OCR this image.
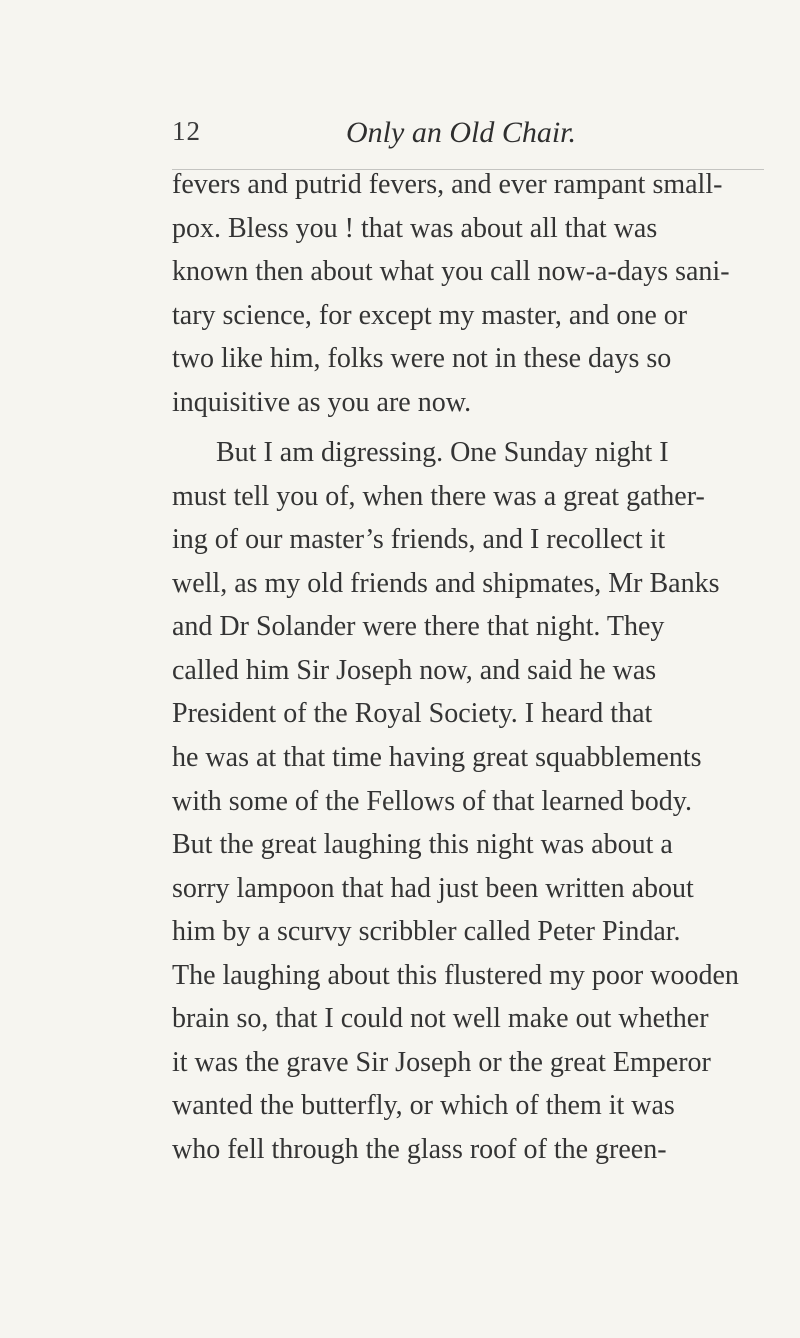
12	Only an Old Chair.
fevers and putrid fevers, and ever rampant small-
pox. Bless you ! that was about all that was
known then about what you call now-a-days sani-
tary science, for except my master, and one or
two like him, folks were not in these days so
inquisitive as you are now.
But I am digressing. One Sunday night I
must tell you of, when there was a great gather-
ing of our master’s friends, and I recollect it
well, as my old friends and shipmates, Mr Banks
and Dr Solander were there that night. They
called him Sir Joseph now, and said he was
President of the Royal Society. I heard that
he was at that time having great squabblements
with some of the Fellows of that learned body.
But the great laughing this night was about a
sorry lampoon that had just been written about
him by a scurvy scribbler called Peter Pindar.
The laughing about this flustered my poor wooden
brain so, that I could not well make out whether
it was the grave Sir Joseph or the great Emperor
wanted the butterfly, or which of them it was
who fell through the glass roof of the green-
